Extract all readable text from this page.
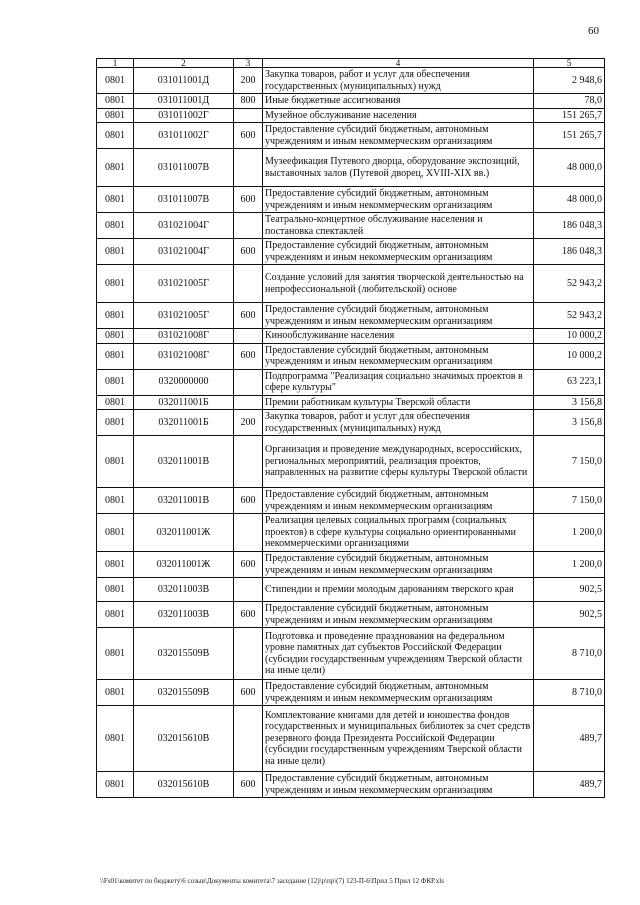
60
1	2	3	4	5
0801	031011001Д	200	Закупка товаров, работ и услуг для обеспечения государственных (муниципальных) нужд	2 948,6
0801	031011001Д	800	Иные бюджетные ассигнования	78,0
0801	031011002Г		Музейное обслуживание населения	151 265,7
0801	031011002Г	600	Предоставление субсидий бюджетным, автономным учреждениям и иным некоммерческим организациям	151 265,7
0801	031011007В		Музеефикация Путевого дворца, оборудование экспозиций, выставочных залов (Путевой дворец, XVIII-XIX вв.)	48 000,0
0801	031011007В	600	Предоставление субсидий бюджетным, автономным учреждениям и иным некоммерческим организациям	48 000,0
0801	031021004Г		Театрально-концертное обслуживание населения и постановка спектаклей	186 048,3
0801	031021004Г	600	Предоставление субсидий бюджетным, автономным учреждениям и иным некоммерческим организациям	186 048,3
0801	031021005Г		Создание условий для занятия творческой деятельностью на непрофессиональной (любительской) основе	52 943,2
0801	031021005Г	600	Предоставление субсидий бюджетным, автономным учреждениям и иным некоммерческим организациям	52 943,2
0801	031021008Г		Кинообслуживание населения	10 000,2
0801	031021008Г	600	Предоставление субсидий бюджетным, автономным учреждениям и иным некоммерческим организациям	10 000,2
0801	0320000000		Подпрограмма "Реализация социально значимых проектов в сфере культуры"	63 223,1
0801	032011001Б		Премии работникам культуры Тверской области	3 156,8
0801	032011001Б	200	Закупка товаров, работ и услуг для обеспечения государственных (муниципальных) нужд	3 156,8
0801	032011001В		Организация и проведение международных, всероссийских, региональных мероприятий, реализация проектов, направленных на развитие сферы культуры Тверской области	7 150,0
0801	032011001В	600	Предоставление субсидий бюджетным, автономным учреждениям и иным некоммерческим организациям	7 150,0
0801	032011001Ж		Реализация целевых социальных программ (социальных проектов) в сфере культуры социально ориентированными некоммерческими организациями	1 200,0
0801	032011001Ж	600	Предоставление субсидий бюджетным, автономным учреждениям и иным некоммерческим организациям	1 200,0
0801	032011003В		Стипендии и премии молодым дарованиям тверского края	902,5
0801	032011003В	600	Предоставление субсидий бюджетным, автономным учреждениям и иным некоммерческим организациям	902,5
0801	032015509В		Подготовка и проведение празднования на федеральном уровне памятных дат субъектов Российской Федерации (субсидии государственным учреждениям Тверской области на иные цели)	8 710,0
0801	032015509В	600	Предоставление субсидий бюджетным, автономным учреждениям и иным некоммерческим организациям	8 710,0
0801	032015610В		Комплектование книгами для детей и юношества фондов государственных и муниципальных библиотек за счет средств резервного фонда Президента Российской Федерации (субсидии государственным учреждениям Тверской области на иные цели)	489,7
0801	032015610В	600	Предоставление субсидий бюджетным, автономным учреждениям и иным некоммерческим организациям	489,7
\\Fs01\комитет по бюджету\6 созыв\Документы комитета\7 заседание (12)\p\пр\(7) 123-П-6\Прил 5 Прил 12 ФКР.xls
